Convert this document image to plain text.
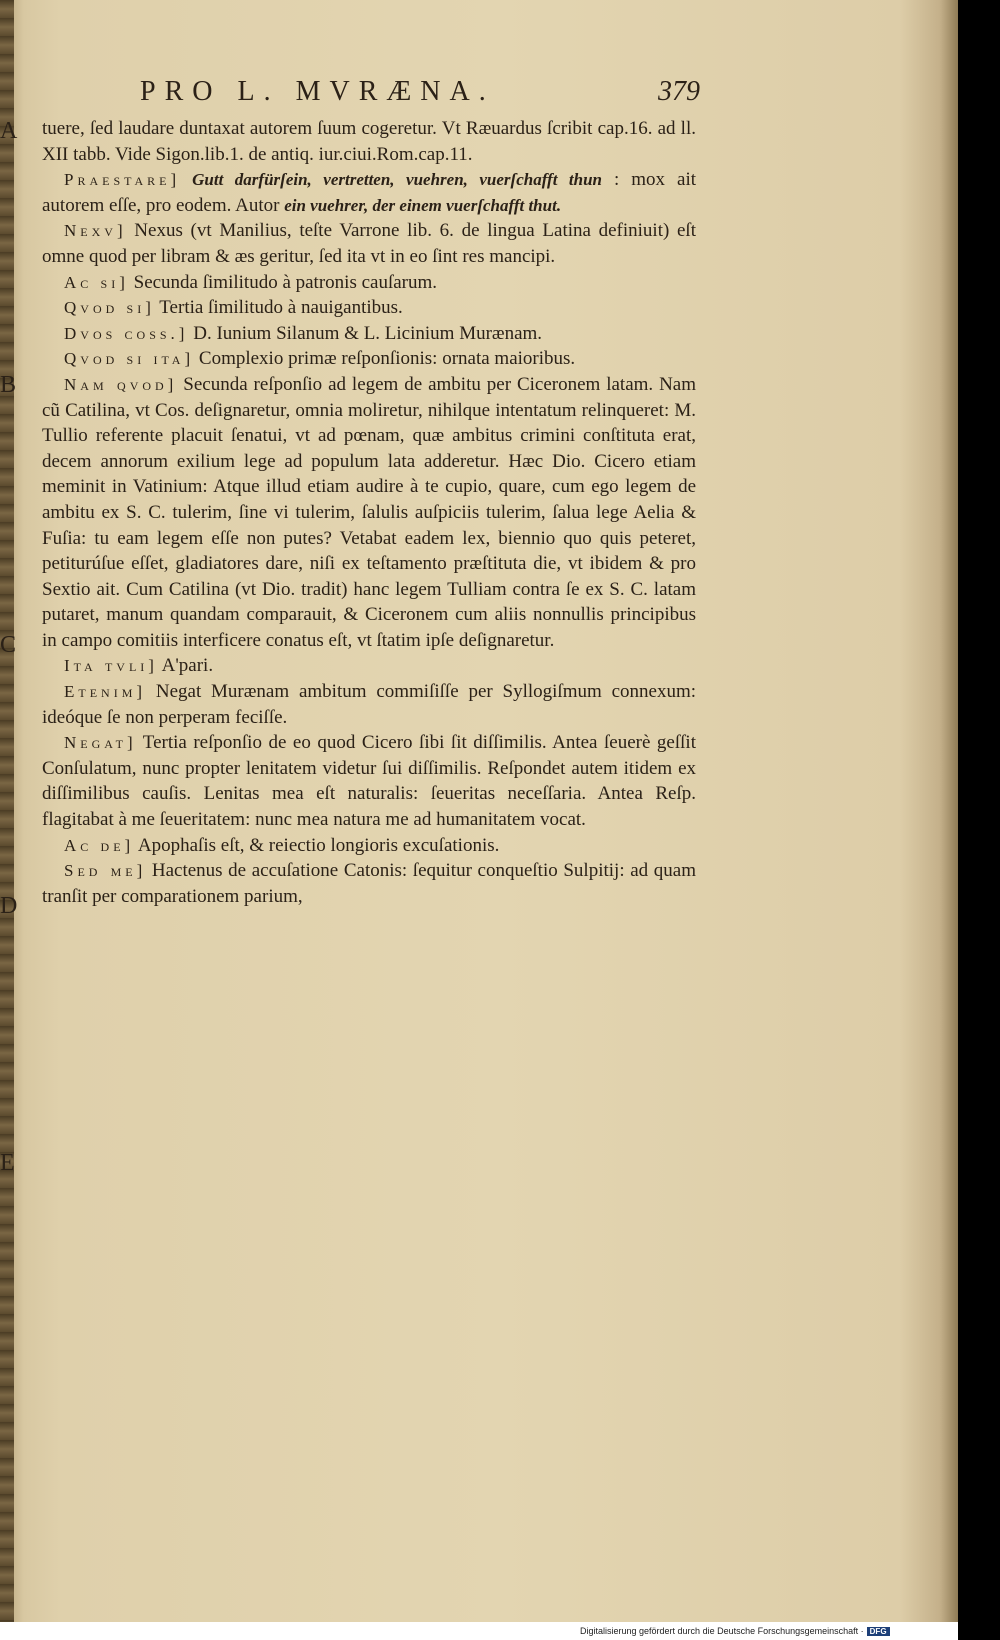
PRO L. MVRÆNA.	379

tuere, ſed laudare duntaxat autorem ſuum cogeretur. Vt Ræuardus ſcribit cap.16. ad ll. XII tabb. Vide Sigon.lib.1. de antiq. iur.ciui.Rom.cap.11.

Praestare] Gutt darfürſein, vertretten, vuehren, vuerſchafft thun : mox ait autorem eſſe, pro eodem. Autor ein vuehrer, der einem vuerſchafft thut.

Nexv] Nexus (vt Manilius, teſte Varrone lib. 6. de lingua Latina definiuit) eſt omne quod per libram & æs geritur, ſed ita vt in eo ſint res mancipi.

Ac si] Secunda ſimilitudo à patronis cauſarum.

Qvod si] Tertia ſimilitudo à nauigantibus.

Dvos coss.] D. Iunium Silanum & L. Licinium Murænam.

Qvod si ita] Complexio primæ reſponſionis: ornata maioribus.

Nam qvod] Secunda reſponſio ad legem de ambitu per Ciceronem latam. Nam cũ Catilina, vt Cos. deſignaretur, omnia moliretur, nihilque intentatum relinqueret: M. Tullio referente placuit ſenatui, vt ad pœnam, quæ ambitus crimini conſtituta erat, decem annorum exilium lege ad populum lata adderetur. Hæc Dio. Cicero etiam meminit in Vatinium: Atque illud etiam audire à te cupio, quare, cum ego legem de ambitu ex S. C. tulerim, ſine vi tulerim, ſalulis auſpiciis tulerim, ſalua lege Aelia & Fuſia: tu eam legem eſſe non putes? Vetabat eadem lex, biennio quo quis peteret, petiturúſue eſſet, gladiatores dare, niſi ex teſtamento præſtituta die, vt ibidem & pro Sextio ait. Cum Catilina (vt Dio. tradit) hanc legem Tulliam contra ſe ex S. C. latam putaret, manum quandam comparauit, & Ciceronem cum aliis nonnullis principibus in campo comitiis interficere conatus eſt, vt ſtatim ipſe deſignaretur.

Ita tvli] A'pari.

Etenim] Negat Murænam ambitum commiſiſſe per Syllogiſmum connexum: ideóque ſe non perperam feciſſe.

Negat] Tertia reſponſio de eo quod Cicero ſibi ſit diſſimilis. Antea ſeuerè geſſit Conſulatum, nunc propter lenitatem videtur ſui diſſimilis. Reſpondet autem itidem ex diſſimilibus cauſis. Lenitas mea eſt naturalis: ſeueritas neceſſaria. Antea Reſp. flagitabat à me ſeueritatem: nunc mea natura me ad humanitatem vocat.

Ac de] Apophaſis eſt, & reiectio longioris excuſationis.

Sed me] Hactenus de accuſatione Catonis: ſequitur conqueſtio Sulpitij: ad quam tranſit per comparationem parium,

A
B
C
D
E
Digitalisierung gefördert durch die Deutsche Forschungsgemeinschaft · DFG
